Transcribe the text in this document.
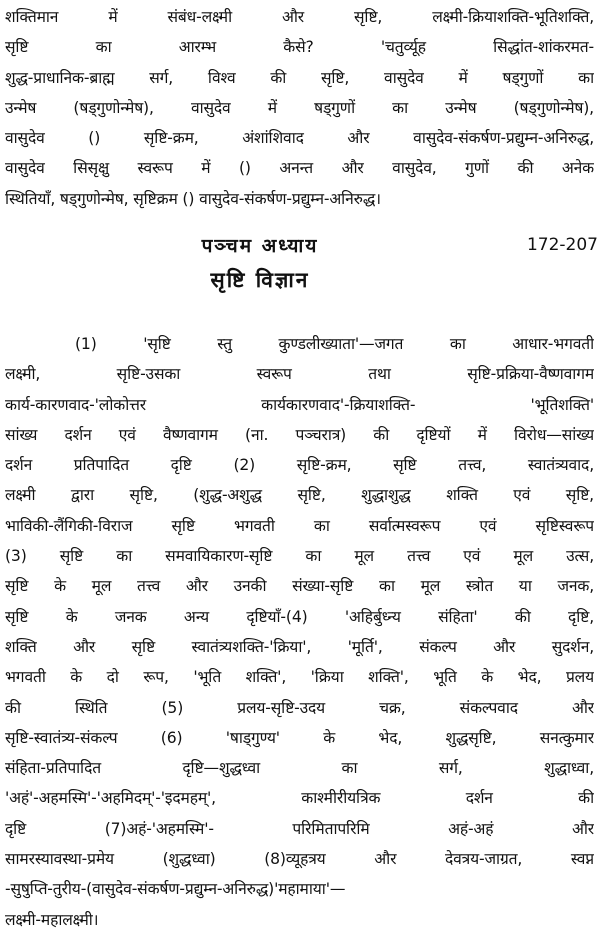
शक्तिमान में संबंध-लक्ष्मी और सृष्टि, लक्ष्मी-क्रियाशक्ति-भूतिशक्ति,
सृष्टि का आरम्भ कैसे? 'चतुर्व्यूह सिद्धांत-शांकरमत-
शुद्ध-प्राधानिक-ब्राह्म सर्ग, विश्व की सृष्टि, वासुदेव में षड्गुणों का
उन्मेष (षड्गुणोन्मेष), वासुदेव में षड्गुणों का उन्मेष (षड्गुणोन्मेष),
वासुदेव () सृष्टि-क्रम, अंशांशिवाद और वासुदेव-संकर्षण-प्रद्युम्न-अनिरुद्ध,
वासुदेव सिसृक्षु स्वरूप में () अनन्त और वासुदेव, गुणों की अनेक
स्थितियाँ, षड्गुणोन्मेष, सृष्टिक्रम () वासुदेव-संकर्षण-प्रद्युम्न-अनिरुद्ध।
पञ्चम अध्याय
सृष्टि विज्ञान
172-207
(1) 'सृष्टि स्तु कुण्डलीख्याता'—जगत का आधार-भगवती
लक्ष्मी, सृष्टि-उसका स्वरूप तथा सृष्टि-प्रक्रिया-वैष्णवागम
कार्य-कारणवाद-'लोकोत्तर कार्यकारणवाद'-क्रियाशक्ति- 'भूतिशक्ति'
सांख्य दर्शन एवं वैष्णवागम (ना. पञ्चरात्र) की दृष्टियों में विरोध—सांख्य
दर्शन प्रतिपादित दृष्टि (2) सृष्टि-क्रम, सृष्टि तत्त्व, स्वातंत्र्यवाद,
लक्ष्मी द्वारा सृष्टि, (शुद्ध-अशुद्ध सृष्टि, शुद्धाशुद्ध शक्ति एवं सृष्टि,
भाविकी-लैंगिकी-विराज सृष्टि भगवती का सर्वात्मस्वरूप एवं सृष्टिस्वरूप
(3) सृष्टि का समवायिकारण-सृष्टि का मूल तत्त्व एवं मूल उत्स,
सृष्टि के मूल तत्त्व और उनकी संख्या-सृष्टि का मूल स्त्रोत या जनक,
सृष्टि के जनक अन्य दृष्टियाँ-(4) 'अहिर्बुध्न्य संहिता' की दृष्टि,
शक्ति और सृष्टि स्वातंत्र्यशक्ति-'क्रिया', 'मूर्ति', संकल्प और सुदर्शन,
भगवती के दो रूप, 'भूति शक्ति', 'क्रिया शक्ति', भूति के भेद, प्रलय
की स्थिति (5) प्रलय-सृष्टि-उदय चक्र, संकल्पवाद और
सृष्टि-स्वातंत्र्य-संकल्प (6) 'षाड्गुण्य' के भेद, शुद्धसृष्टि, सनत्कुमार
संहिता-प्रतिपादित दृष्टि—शुद्धध्वा का सर्ग, शुद्धाध्वा,
'अहं'-अहमस्मि'-'अहमिदम्'-'इदमहम्', काश्मीरीयत्रिक दर्शन की
दृष्टि (7)अहं-'अहमस्मि'- परिमितापरिमि अहं-अहं और
सामरस्यावस्था-प्रमेय (शुद्धध्वा) (8)व्यूहत्रय और देवत्रय-जाग्रत, स्वप्न
-सुषुप्ति-तुरीय-(वासुदेव-संकर्षण-प्रद्युम्न-अनिरुद्ध)'महामाया'—
लक्ष्मी-महालक्ष्मी।
